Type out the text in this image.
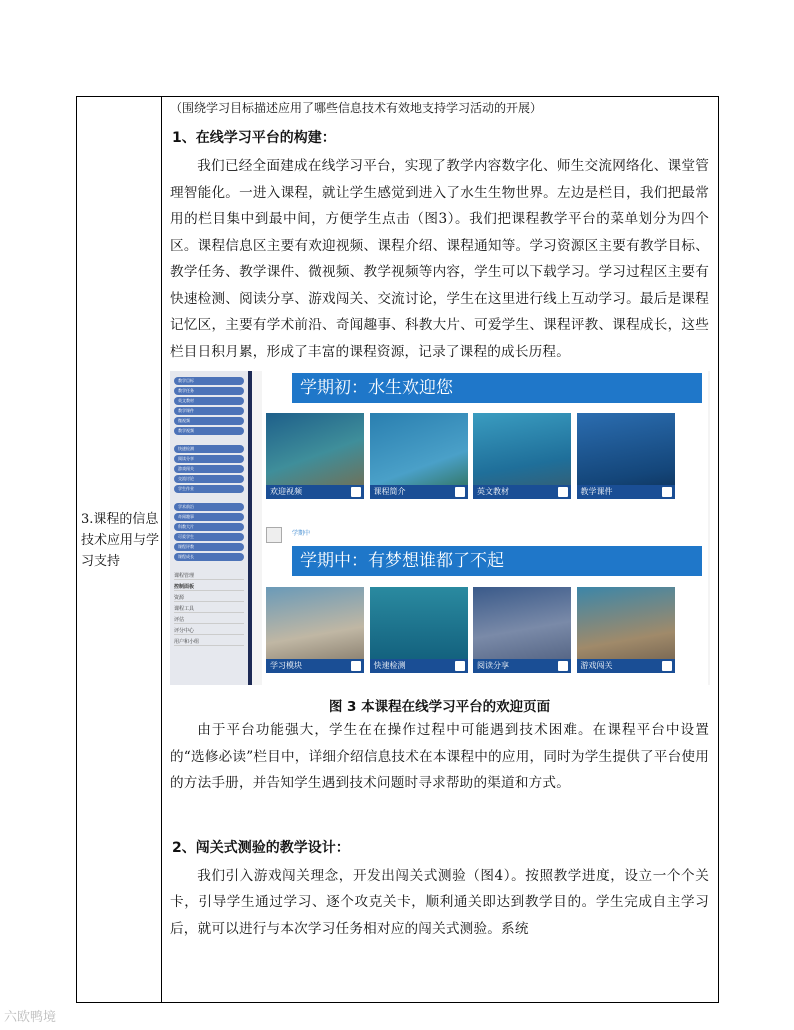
3.课程的信息技术应用与学习支持
（围绕学习目标描述应用了哪些信息技术有效地支持学习活动的开展）
1、在线学习平台的构建：

我们已经全面建成在线学习平台，实现了教学内容数字化、师生交流网络化、课堂管理智能化。一进入课程，就让学生感觉到进入了水生生物世界。左边是栏目，我们把最常用的栏目集中到最中间，方便学生点击（图3）。我们把课程教学平台的菜单划分为四个区。课程信息区主要有欢迎视频、课程介绍、课程通知等。学习资源区主要有教学目标、教学任务、教学课件、微视频、教学视频等内容，学生可以下载学习。学习过程区主要有快速检测、阅读分享、游戏闯关、交流讨论，学生在这里进行线上互动学习。最后是课程记忆区，主要有学术前沿、奇闻趣事、科教大片、可爱学生、课程评教、课程成长，这些栏目日积月累，形成了丰富的课程资源，记录了课程的成长历程。

教学目标
教学任务
英文教材
教学课件
微视频
教学视频
快速检测
阅读分享
游戏闯关
交流讨论
学生作业
学术前沿
奇闻趣事
科教大片
可爱学生
课程评教
课程成长
课程管理
控制面板
资源
课程工具
评估
评分中心
用户和小组
学期初：水生欢迎您
欢迎视频	课程简介	英文教材	教学课件
学期中
学期中：有梦想谁都了不起
学习模块	快速检测	阅读分享	游戏闯关
图 3 本课程在线学习平台的欢迎页面

由于平台功能强大，学生在在操作过程中可能遇到技术困难。在课程平台中设置的“选修必读”栏目中，详细介绍信息技术在本课程中的应用，同时为学生提供了平台使用的方法手册，并告知学生遇到技术问题时寻求帮助的渠道和方式。

2、闯关式测验的教学设计：

我们引入游戏闯关理念，开发出闯关式测验（图4）。按照教学进度，设立一个个关卡，引导学生通过学习、逐个攻克关卡，顺利通关即达到教学目的。学生完成自主学习后，就可以进行与本次学习任务相对应的闯关式测验。系统

六欧鸭境
